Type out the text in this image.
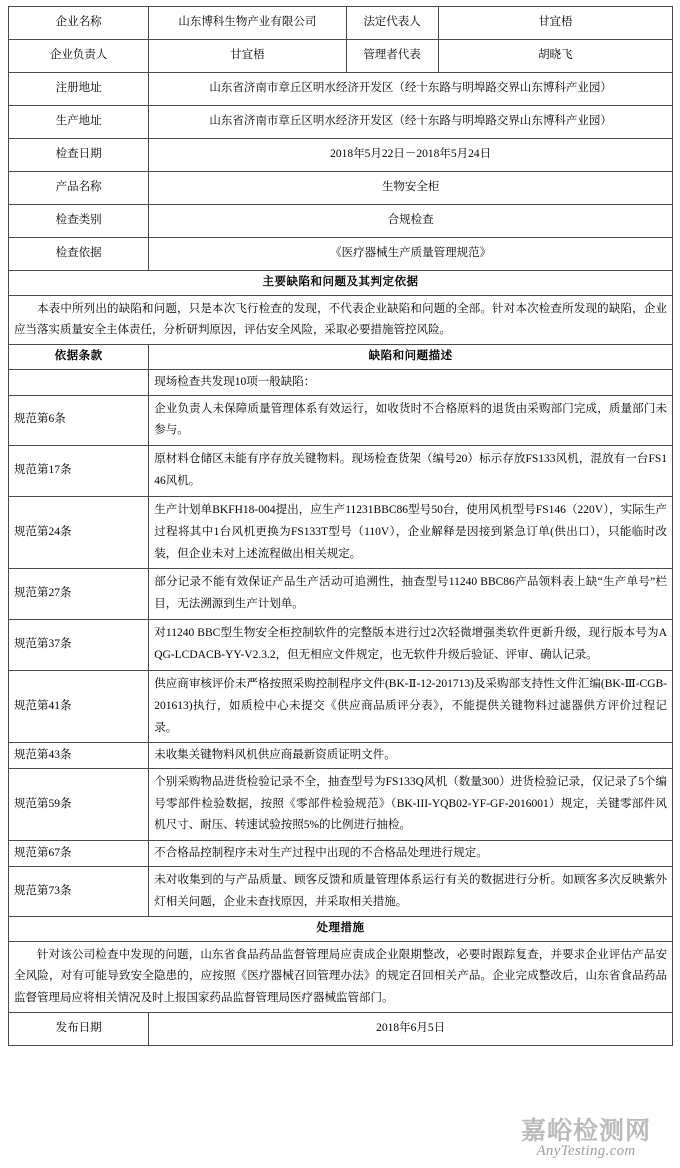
企业名称	山东博科生物产业有限公司	法定代表人	甘宜梧
企业负责人	甘宜梧	管理者代表	胡晓飞
注册地址	山东省济南市章丘区明水经济开发区（经十东路与明埠路交界山东博科产业园）		
生产地址	山东省济南市章丘区明水经济开发区（经十东路与明埠路交界山东博科产业园）		
检查日期	2018年5月22日－2018年5月24日		
产品名称	生物安全柜		
检查类别	合规检查		
检查依据	《医疗器械生产质量管理规范》		
主要缺陷和问题及其判定依据			
本表中所列出的缺陷和问题，只是本次飞行检查的发现，不代表企业缺陷和问题的全部。针对本次检查所发现的缺陷，企业应当落实质量安全主体责任，分析研判原因，评估安全风险，采取必要措施管控风险。			
依据条款	缺陷和问题描述		
	现场检查共发现10项一般缺陷：		
规范第6条	企业负责人未保障质量管理体系有效运行，如收货时不合格原料的退货由采购部门完成，质量部门未参与。		
规范第17条	原材料仓储区未能有序存放关键物料。现场检查货架（编号20）标示存放FS133风机，混放有一台FS146风机。		
规范第24条	生产计划单BKFH18-004提出，应生产11231BBC86型号50台，使用风机型号FS146（220V），实际生产过程将其中1台风机更换为FS133T型号（110V），企业解释是因接到紧急订单(供出口），只能临时改装，但企业未对上述流程做出相关规定。		
规范第27条	部分记录不能有效保证产品生产活动可追溯性，抽查型号11240 BBC86产品领料表上缺“生产单号”栏目，无法溯源到生产计划单。		
规范第37条	对11240 BBC型生物安全柜控制软件的完整版本进行过2次轻微增强类软件更新升级，现行版本号为AQG-LCDACB-YY-V2.3.2，但无相应文件规定，也无软件升级后验证、评审、确认记录。		
规范第41条	供应商审核评价未严格按照采购控制程序文件(BK-Ⅱ-12-201713)及采购部支持性文件汇编(BK-Ⅲ-CGB-201613)执行，如质检中心未提交《供应商品质评分表》，不能提供关键物料过滤器供方评价过程记录。		
规范第43条	未收集关键物料风机供应商最新资质证明文件。		
规范第59条	个别采购物品进货检验记录不全，抽查型号为FS133Q风机（数量300）进货检验记录，仅记录了5个编号零部件检验数据，按照《零部件检验规范》（BK-III-YQB02-YF-GF-2016001）规定，关键零部件风机尺寸、耐压、转速试验按照5%的比例进行抽检。		
规范第67条	不合格品控制程序未对生产过程中出现的不合格品处理进行规定。		
规范第73条	未对收集到的与产品质量、顾客反馈和质量管理体系运行有关的数据进行分析。如顾客多次反映紫外灯相关问题，企业未查找原因，并采取相关措施。		
处理措施			
针对该公司检查中发现的问题，山东省食品药品监督管理局应责成企业限期整改，必要时跟踪复查，并要求企业评估产品安全风险，对有可能导致安全隐患的，应按照《医疗器械召回管理办法》的规定召回相关产品。企业完成整改后，山东省食品药品监督管理局应将相关情况及时上报国家药品监督管理局医疗器械监管部门。			
发布日期	2018年6月5日		
嘉峪检测网
AnyTesting.com
